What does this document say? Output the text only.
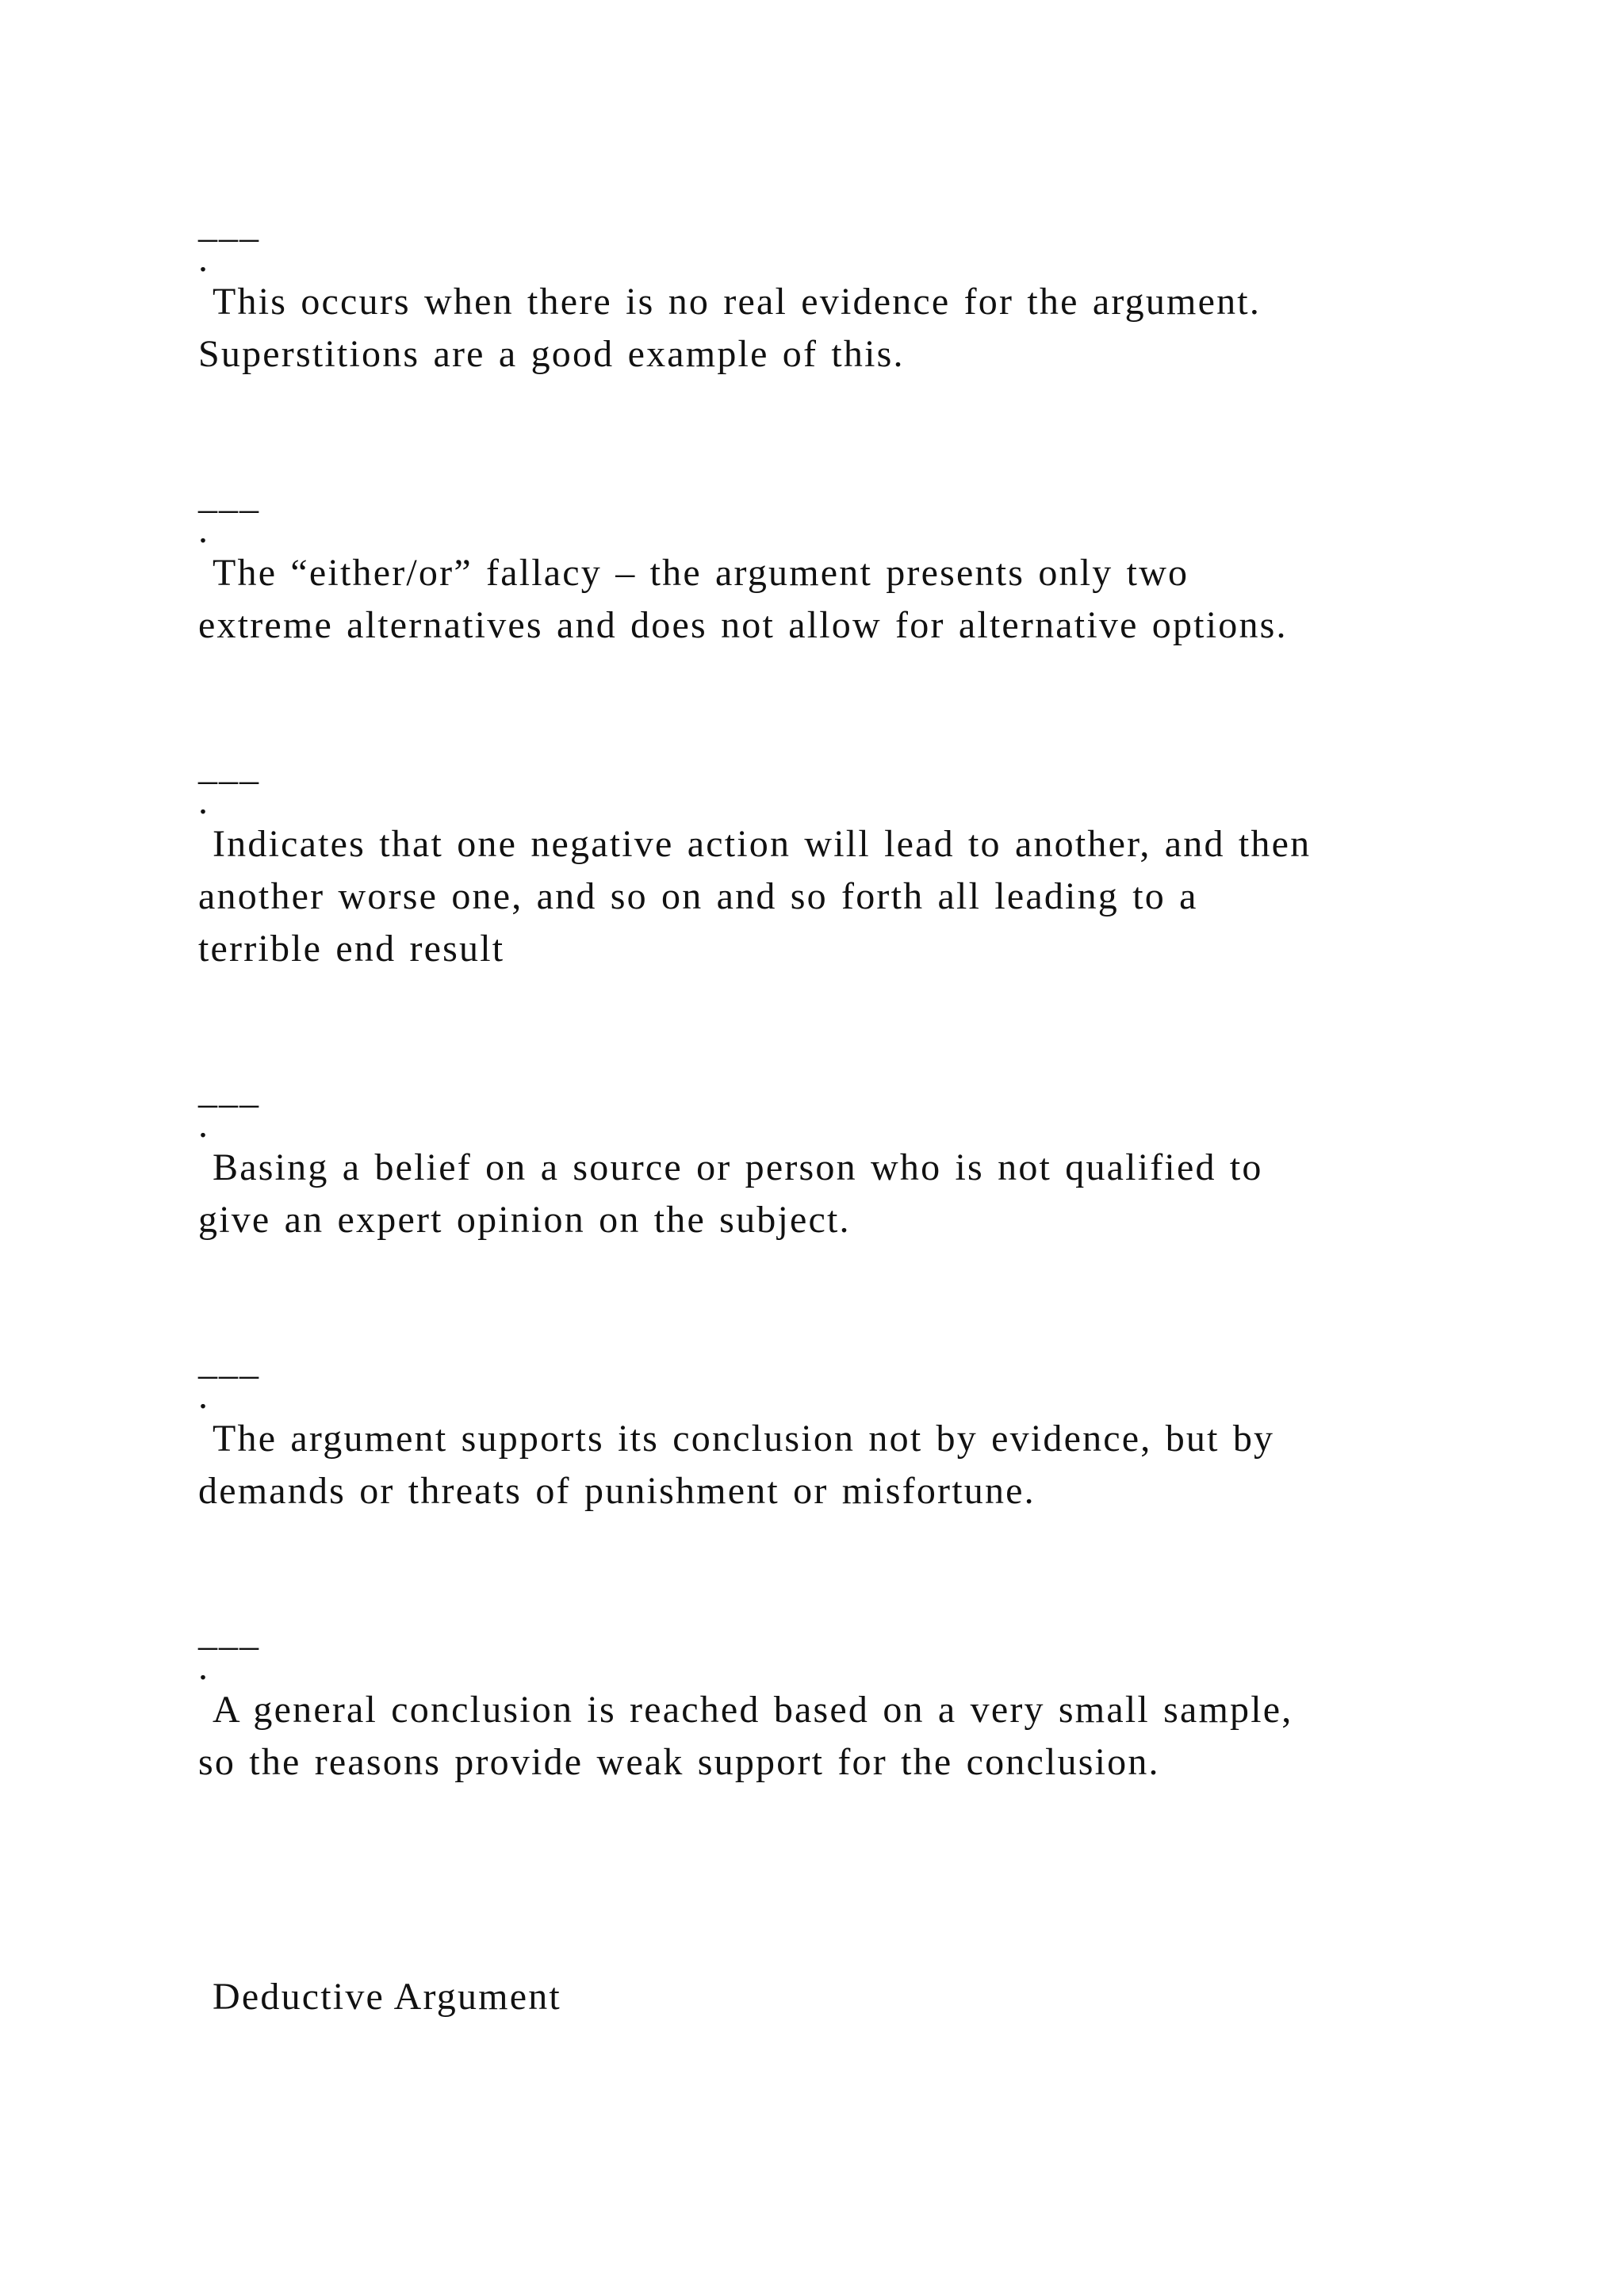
___
.
This occurs when there is no real evidence for the argument.
Superstitions are a good example of this.
___
.
The “either/or” fallacy – the argument presents only two
extreme alternatives and does not allow for alternative options.
___
.
Indicates that one negative action will lead to another, and then
another worse one, and so on and so forth all leading to a
terrible end result
___
.
Basing a belief on a source or person who is not qualified to
give an expert opinion on the subject.
___
.
The argument supports its conclusion not by evidence, but by
demands or threats of punishment or misfortune.
___
.
A general conclusion is reached based on a very small sample,
so the reasons provide weak support for the conclusion.
Deductive Argument
